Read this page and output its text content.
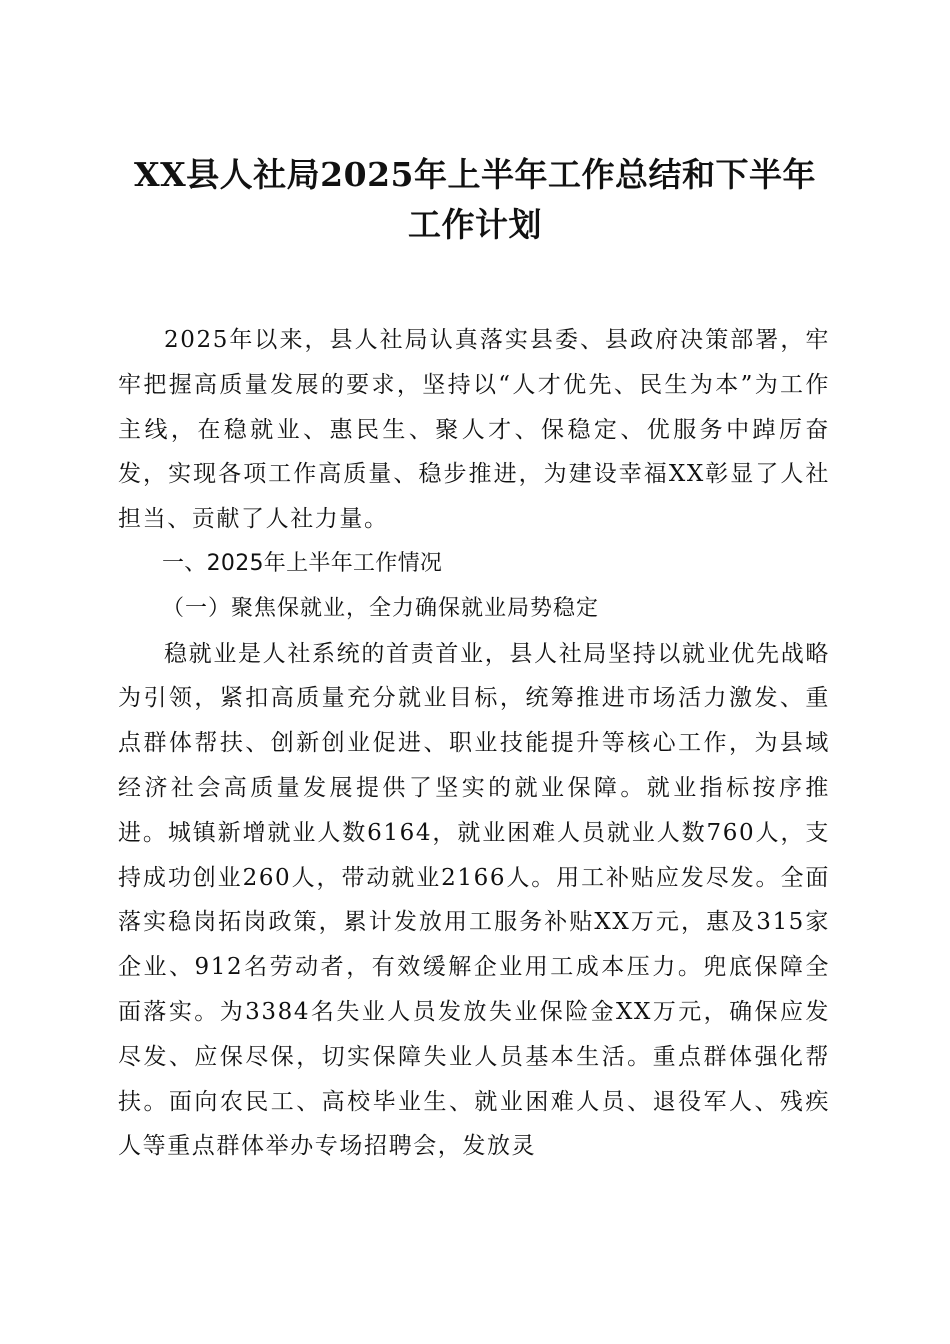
XX县人社局2025年上半年工作总结和下半年
工作计划

2025年以来，县人社局认真落实县委、县政府决策部署，牢牢把握高质量发展的要求，坚持以“人才优先、民生为本”为工作主线，在稳就业、惠民生、聚人才、保稳定、优服务中踔厉奋发，实现各项工作高质量、稳步推进，为建设幸福XX彰显了人社担当、贡献了人社力量。

一、2025年上半年工作情况

（一）聚焦保就业，全力确保就业局势稳定

稳就业是人社系统的首责首业，县人社局坚持以就业优先战略为引领，紧扣高质量充分就业目标，统筹推进市场活力激发、重点群体帮扶、创新创业促进、职业技能提升等核心工作，为县域经济社会高质量发展提供了坚实的就业保障。就业指标按序推进。城镇新增就业人数6164，就业困难人员就业人数760人，支持成功创业260人，带动就业2166人。用工补贴应发尽发。全面落实稳岗拓岗政策，累计发放用工服务补贴XX万元，惠及315家企业、912名劳动者，有效缓解企业用工成本压力。兜底保障全面落实。为3384名失业人员发放失业保险金XX万元，确保应发尽发、应保尽保，切实保障失业人员基本生活。重点群体强化帮扶。面向农民工、高校毕业生、就业困难人员、退役军人、残疾人等重点群体举办专场招聘会，发放灵
